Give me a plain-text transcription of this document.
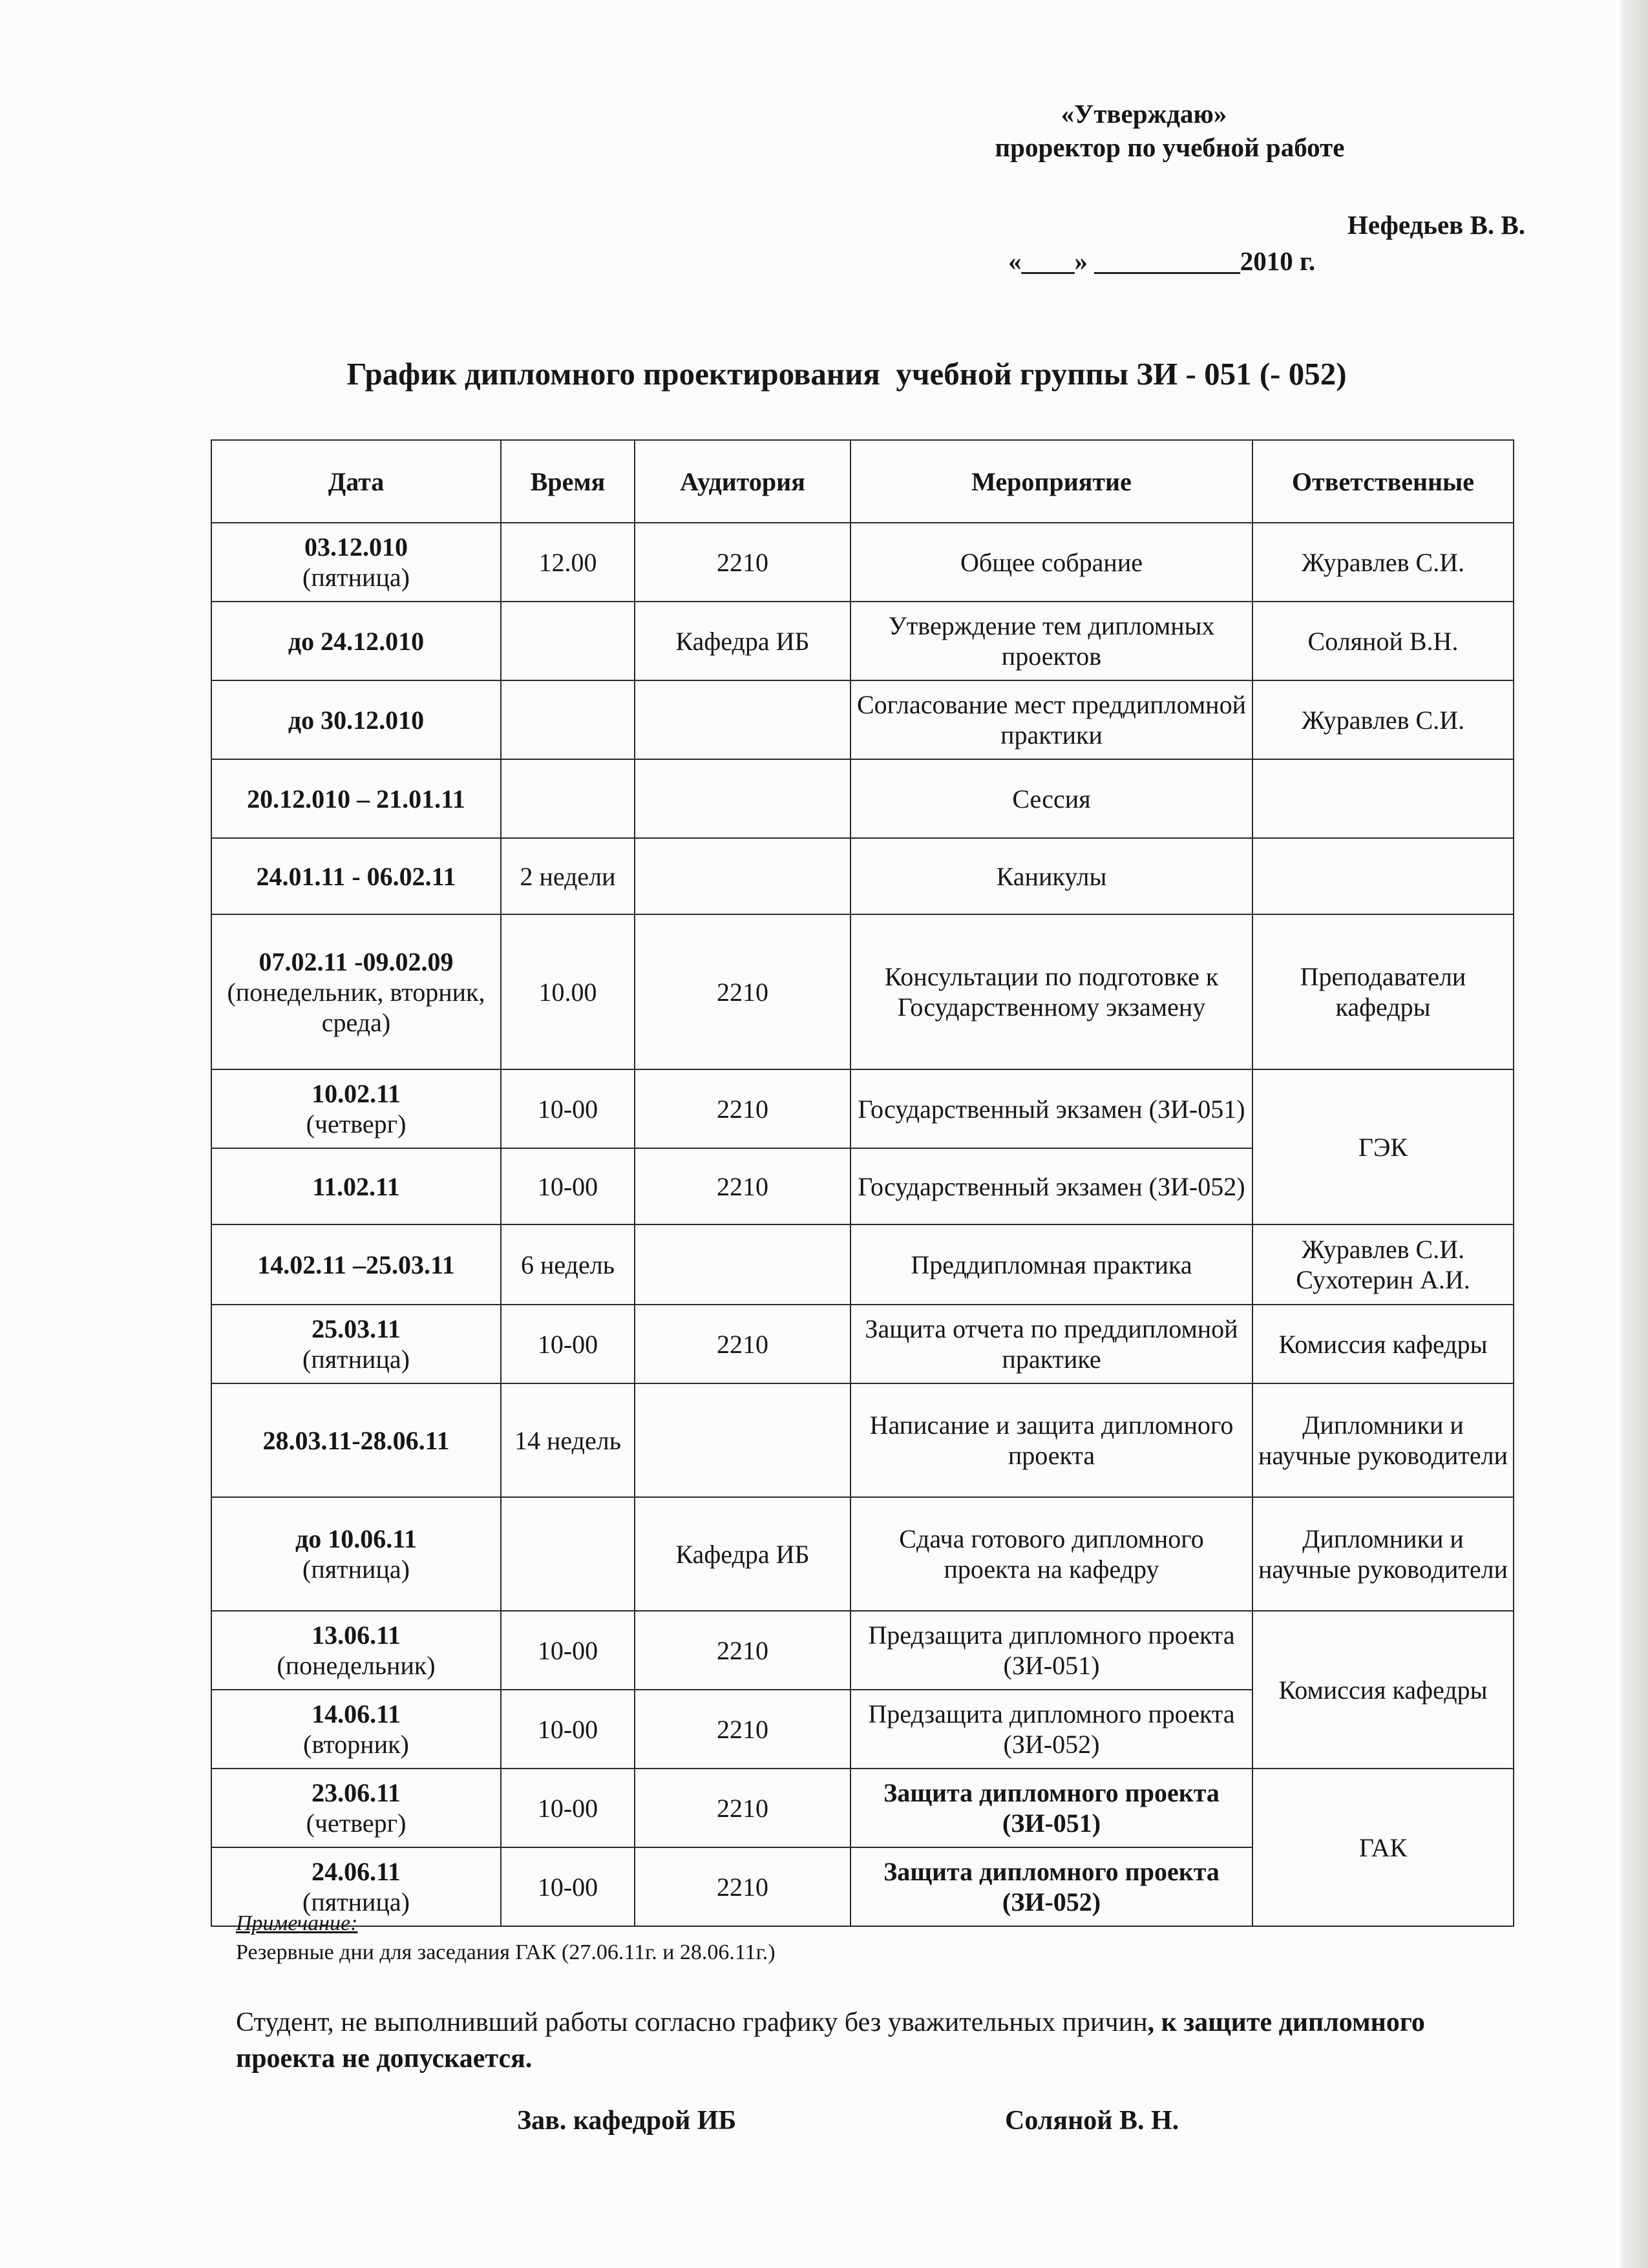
«Утверждаю»
проректор по учебной работе
Нефедьев В. В.
«____» ___________2010 г.
График дипломного проектирования  учебной группы ЗИ - 051 (- 052)
Дата	Время	Аудитория	Мероприятие	Ответственные

03.12.010
(пятница)	12.00	2210	Общее собрание	Журавлев С.И.

до 24.12.010		Кафедра ИБ	Утверждение тем дипломных проектов	Соляной В.Н.

до 30.12.010			Согласование мест преддипломной практики	Журавлев С.И.

20.12.010 – 21.01.11			Сессия	

24.01.11 - 06.02.11	2 недели		Каникулы	

07.02.11 -09.02.09
(понедельник, вторник, среда)	10.00	2210	Консультации по подготовке к Государственному экзамену	Преподаватели кафедры

10.02.11
(четверг)	10-00	2210	Государственный экзамен (ЗИ-051)	ГЭК

11.02.11	10-00	2210	Государственный экзамен (ЗИ-052)	

14.02.11 –25.03.11	6 недель		Преддипломная практика	Журавлев С.И. Сухотерин А.И.

25.03.11
(пятница)	10-00	2210	Защита отчета по преддипломной практике	Комиссия кафедры

28.03.11-28.06.11	14 недель		Написание и защита дипломного проекта	Дипломники и научные руководители

до 10.06.11
(пятница)		Кафедра ИБ	Сдача готового дипломного проекта на кафедру	Дипломники и научные руководители

13.06.11
(понедельник)	10-00	2210	Предзащита дипломного проекта (ЗИ-051)	Комиссия кафедры

14.06.11
(вторник)	10-00	2210	Предзащита дипломного проекта (ЗИ-052)	

23.06.11
(четверг)	10-00	2210	Защита дипломного проекта (ЗИ-051)	ГАК

24.06.11
(пятница)	10-00	2210	Защита дипломного проекта (ЗИ-052)	
Примечание:
Резервные дни для заседания ГАК (27.06.11г. и 28.06.11г.)
Студент, не выполнивший работы согласно графику без уважительных причин, к защите дипломного проекта не допускается.
Зав. кафедрой ИБ	Соляной В. Н.
